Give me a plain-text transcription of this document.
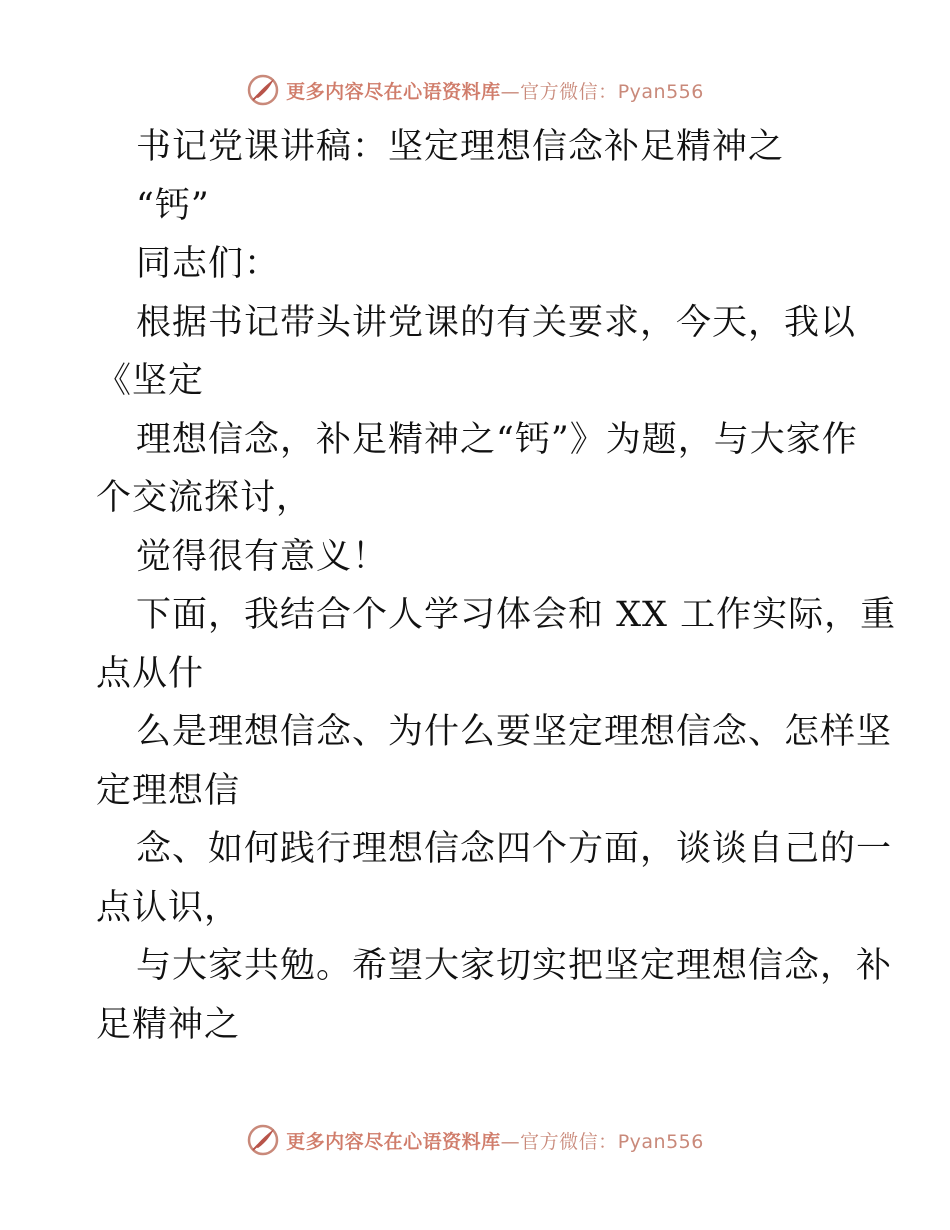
更多内容尽在心语资料库—官方微信：Pyan556
书记党课讲稿：坚定理想信念补足精神之
“钙”
同志们：
根据书记带头讲党课的有关要求，今天，我以
《坚定
理想信念，补足精神之“钙”》为题，与大家作
个交流探讨，
觉得很有意义！
下面，我结合个人学习体会和 XX 工作实际，重
点从什
么是理想信念、为什么要坚定理想信念、怎样坚
定理想信
念、如何践行理想信念四个方面，谈谈自己的一
点认识，
与大家共勉。希望大家切实把坚定理想信念，补
足精神之
更多内容尽在心语资料库—官方微信：Pyan556
